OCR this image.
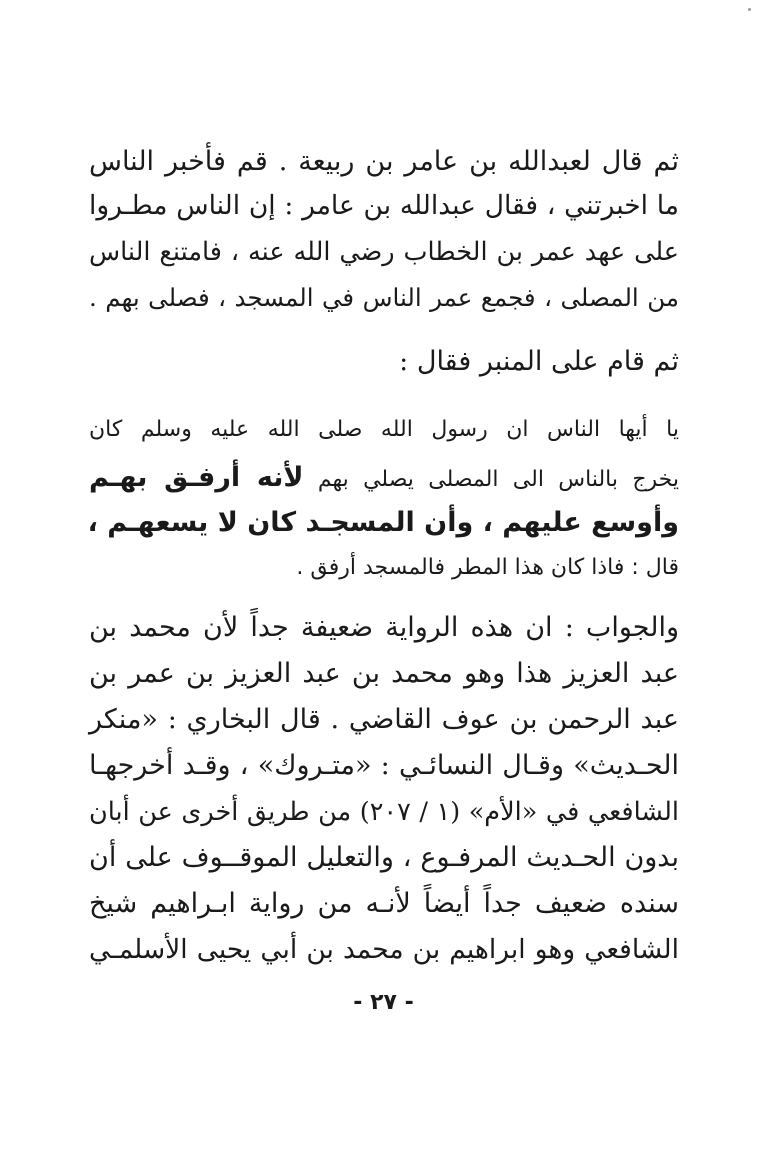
ثم قال لعبدالله بن عامر بن ربيعة . قم فأخبر الناس
ما اخبرتني ، فقال عبدالله بن عامر : إن الناس مطـروا
على عهد عمر بن الخطاب رضي الله عنه ، فامتنع الناس
من المصلى ، فجمع عمر الناس في المسجد ، فصلى بهم .
ثم قام على المنبر فقال :
يا أيها الناس ان رسول الله صلى الله عليه وسلم كان
يخرج بالناس الى المصلى يصلي بهم لأنه أرفـق بهـم
وأوسع عليهم ، وأن المسجـد كان لا يسعهـم ،
قال : فاذا كان هذا المطر فالمسجد أرفق .
والجواب : ان هذه الرواية ضعيفة جداً لأن محمد بن
عبد العزيز هذا وهو محمد بن عبد العزيز بن عمر بن
عبد الرحمن بن عوف القاضي . قال البخاري : «منكر
الحـديث» وقـال النسائـي : «متـروك» ، وقـد أخرجهـا
الشافعي في «الأم» (١ / ٢٠٧) من طريق أخرى عن أبان
بدون الحـديث المرفـوع ، والتعليل الموقــوف على أن
سنده ضعيف جداً أيضاً لأنـه من رواية ابـراهيم شيخ
الشافعي وهو ابراهيم بن محمد بن أبي يحيى الأسلمـي
- ٢٧ -
